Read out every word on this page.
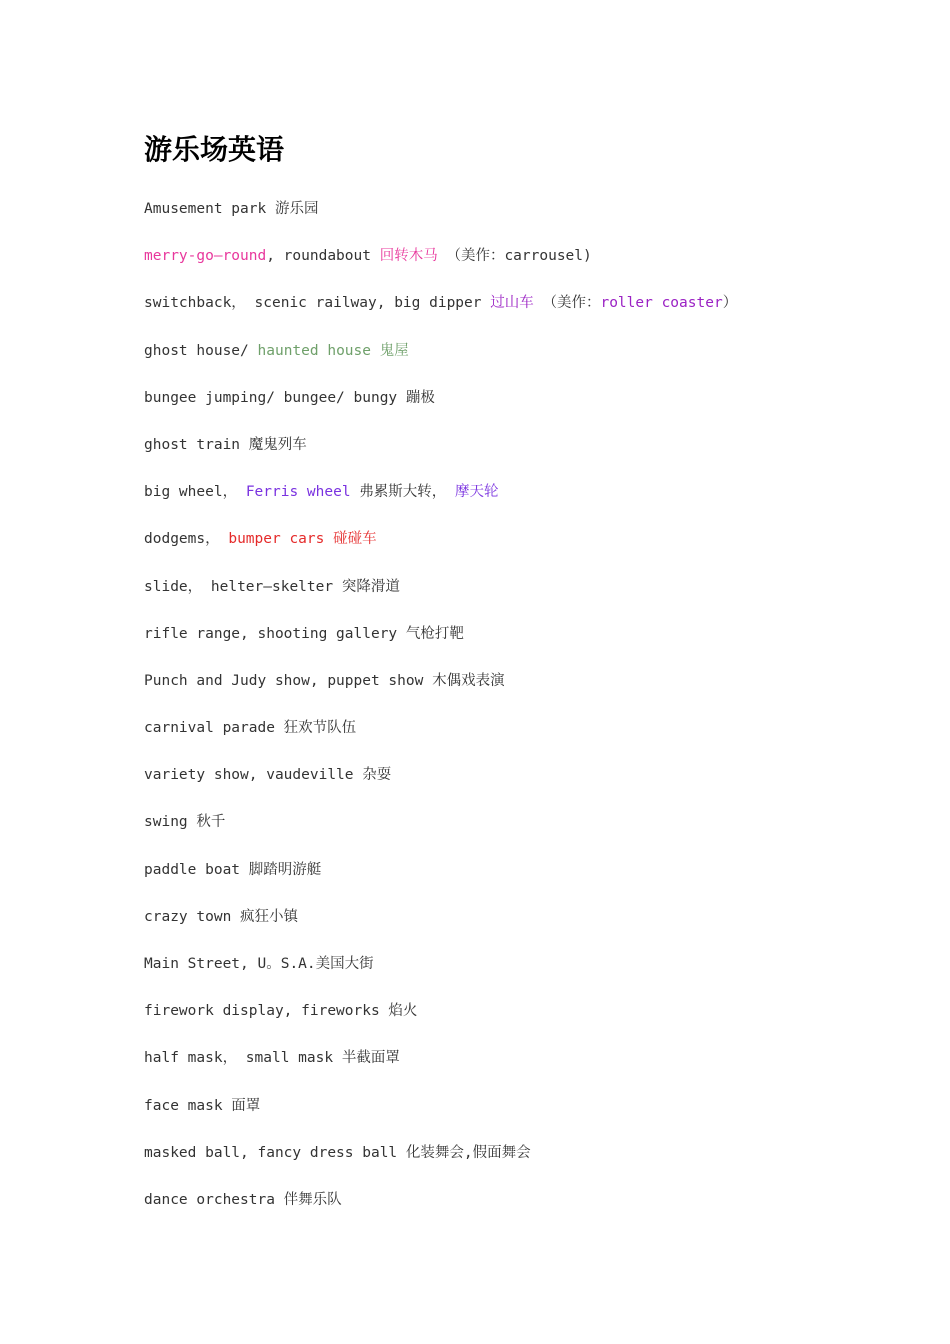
游乐场英语
Amusement park 游乐园
merry-go—round, roundabout 回转木马 （美作：carrousel)
switchback， scenic railway, big dipper 过山车 （美作：roller coaster）
ghost house/ haunted house 鬼屋
bungee jumping/ bungee/ bungy 蹦极
ghost train 魔鬼列车
big wheel， Ferris wheel 弗累斯大转， 摩天轮
dodgems， bumper cars 碰碰车
slide， helter—skelter 突降滑道
rifle range, shooting gallery 气枪打靶
Punch and Judy show, puppet show 木偶戏表演
carnival parade 狂欢节队伍
variety show, vaudeville 杂耍
swing 秋千
paddle boat 脚踏明游艇
crazy town 疯狂小镇
Main Street, U。S.A.美国大街
firework display, fireworks 焰火
half mask， small mask 半截面罩
face mask 面罩
masked ball, fancy dress ball 化装舞会,假面舞会
dance orchestra 伴舞乐队
